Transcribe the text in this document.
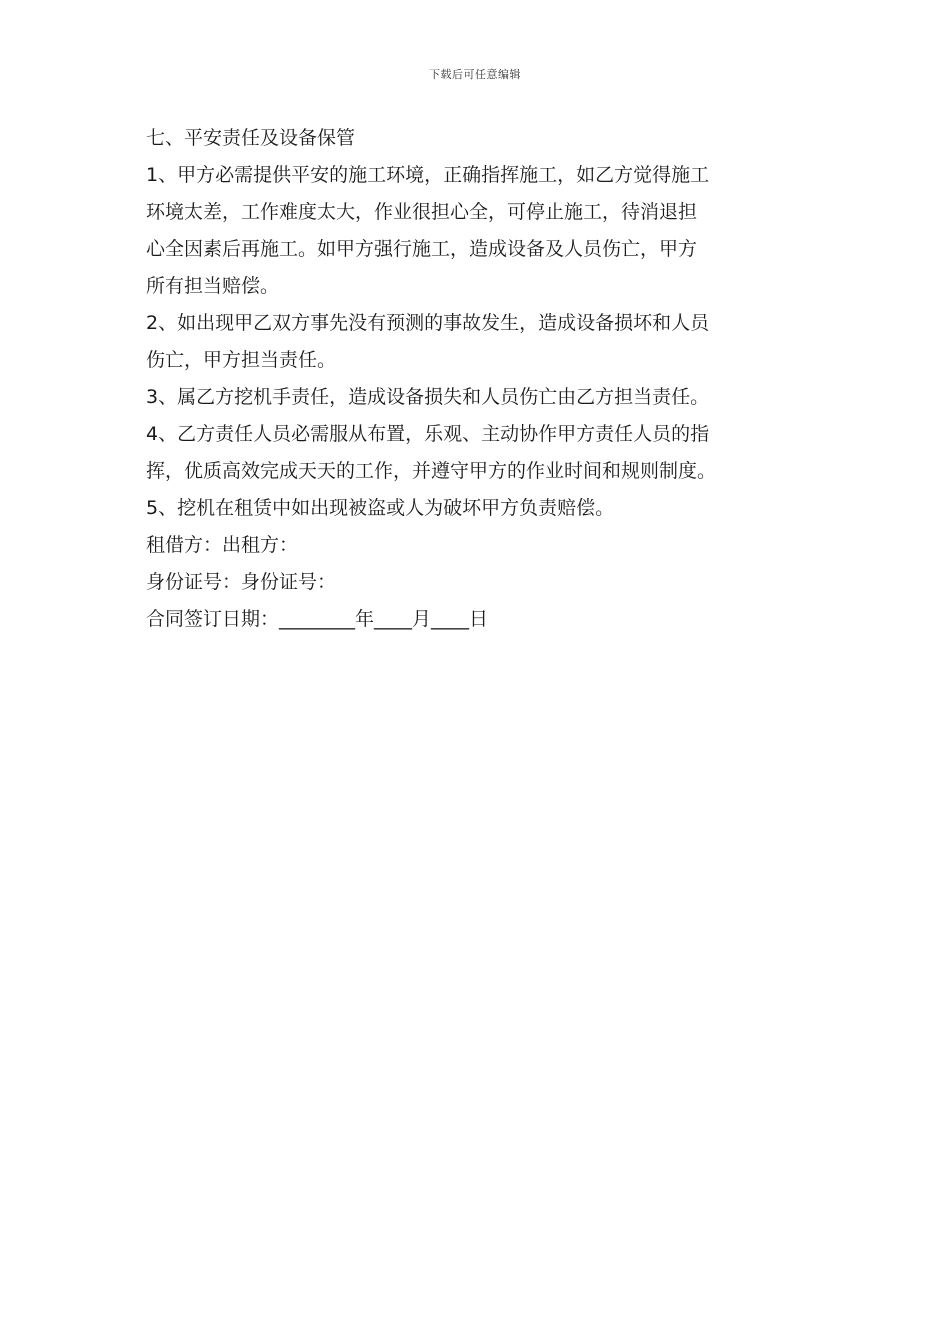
下载后可任意编辑
七、平安责任及设备保管
1、甲方必需提供平安的施工环境，正确指挥施工，如乙方觉得施工
环境太差，工作难度太大，作业很担心全，可停止施工，待消退担
心全因素后再施工。如甲方强行施工，造成设备及人员伤亡，甲方
所有担当赔偿。
2、如出现甲乙双方事先没有预测的事故发生，造成设备损坏和人员
伤亡，甲方担当责任。
3、属乙方挖机手责任，造成设备损失和人员伤亡由乙方担当责任。
4、乙方责任人员必需服从布置，乐观、主动协作甲方责任人员的指
挥，优质高效完成天天的工作，并遵守甲方的作业时间和规则制度。
5、挖机在租赁中如出现被盗或人为破坏甲方负责赔偿。
租借方：出租方：
身份证号：身份证号：
合同签订日期：________年____月____日
